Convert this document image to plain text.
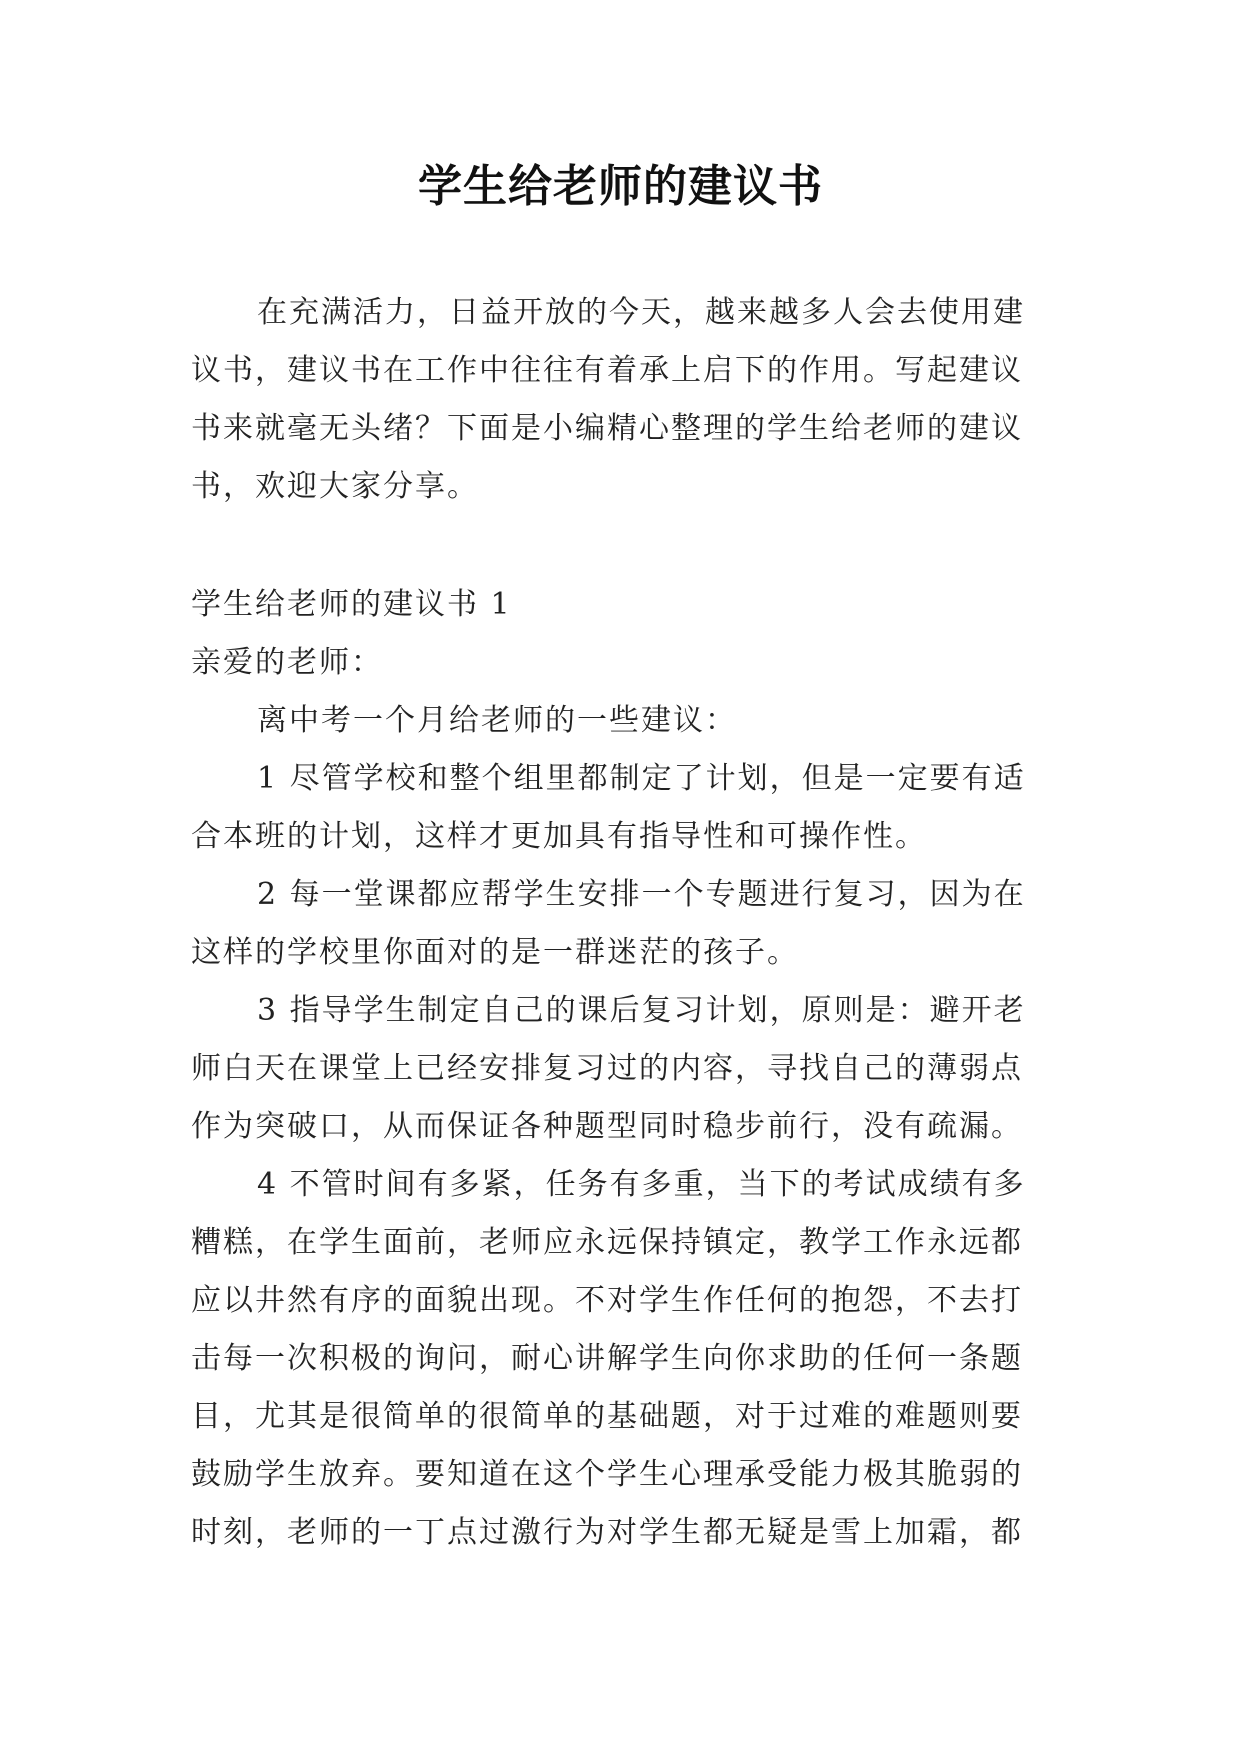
学生给老师的建议书

在充满活力，日益开放的今天，越来越多人会去使用建议书，建议书在工作中往往有着承上启下的作用。写起建议书来就毫无头绪？下面是小编精心整理的学生给老师的建议书，欢迎大家分享。

学生给老师的建议书 1

亲爱的老师：

离中考一个月给老师的一些建议：

1 尽管学校和整个组里都制定了计划，但是一定要有适合本班的计划，这样才更加具有指导性和可操作性。

2 每一堂课都应帮学生安排一个专题进行复习，因为在这样的学校里你面对的是一群迷茫的孩子。

3 指导学生制定自己的课后复习计划，原则是：避开老师白天在课堂上已经安排复习过的内容，寻找自己的薄弱点作为突破口，从而保证各种题型同时稳步前行，没有疏漏。

4 不管时间有多紧，任务有多重，当下的考试成绩有多糟糕，在学生面前，老师应永远保持镇定，教学工作永远都应以井然有序的面貌出现。不对学生作任何的抱怨，不去打击每一次积极的询问，耐心讲解学生向你求助的任何一条题目，尤其是很简单的很简单的基础题，对于过难的难题则要鼓励学生放弃。要知道在这个学生心理承受能力极其脆弱的时刻，老师的一丁点过激行为对学生都无疑是雪上加霜，都
